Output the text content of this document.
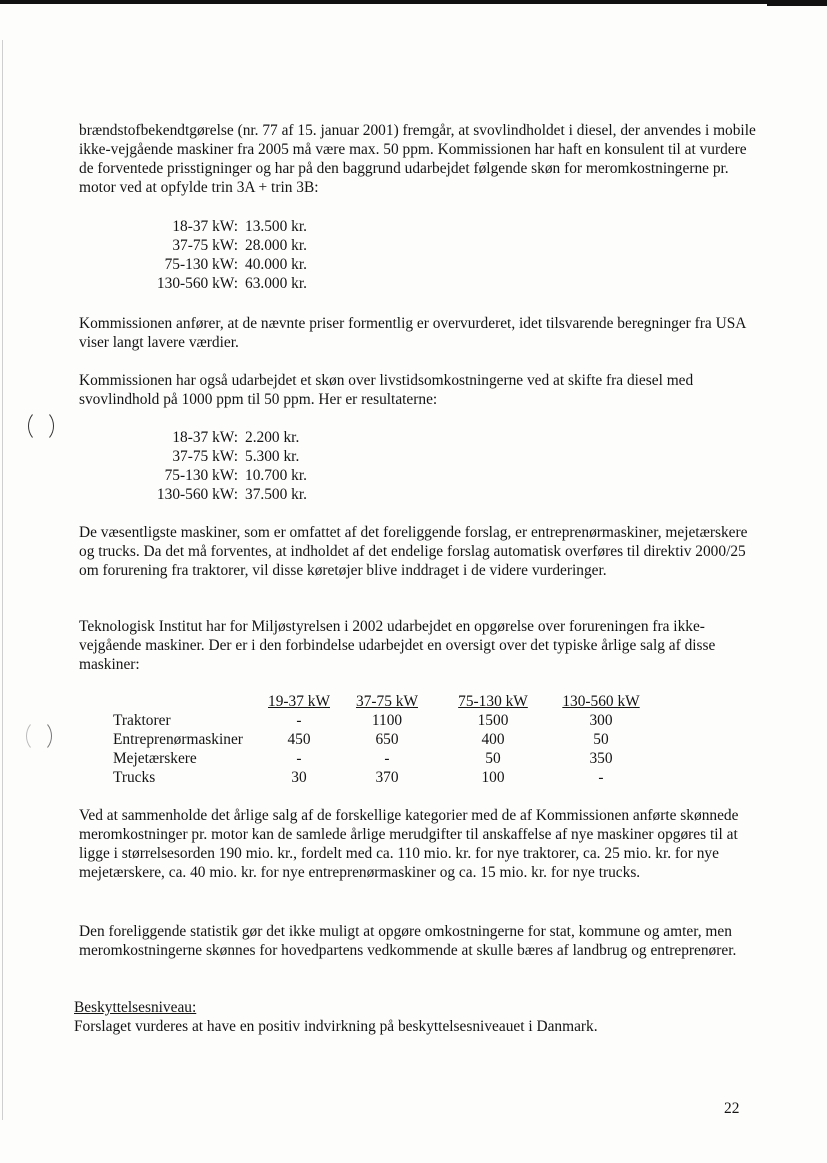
brændstofbekendtgørelse (nr. 77 af 15. januar 2001) fremgår, at svovlindholdet i diesel, der anvendes i mobile ikke-vejgående maskiner fra 2005 må være max. 50 ppm. Kommissionen har haft en konsulent til at vurdere de forventede prisstigninger og har på den baggrund udarbejdet følgende skøn for meromkostningerne pr. motor ved at opfylde trin 3A + trin 3B:

18-37 kW: 13.500 kr.
37-75 kW: 28.000 kr.
75-130 kW: 40.000 kr.
130-560 kW: 63.000 kr.

Kommissionen anfører, at de nævnte priser formentlig er overvurderet, idet tilsvarende beregninger fra USA viser langt lavere værdier.

Kommissionen har også udarbejdet et skøn over livstidsomkostningerne ved at skifte fra diesel med svovlindhold på 1000 ppm til 50 ppm. Her er resultaterne:

18-37 kW: 2.200 kr.
37-75 kW: 5.300 kr.
75-130 kW: 10.700 kr.
130-560 kW: 37.500 kr.

De væsentligste maskiner, som er omfattet af det foreliggende forslag, er entreprenørmaskiner, mejetærskere og trucks. Da det må forventes, at indholdet af det endelige forslag automatisk overføres til direktiv 2000/25 om forurening fra traktorer, vil disse køretøjer blive inddraget i de videre vurderinger.

Teknologisk Institut har for Miljøstyrelsen i 2002 udarbejdet en opgørelse over forureningen fra ikke-vejgående maskiner. Der er i den forbindelse udarbejdet en oversigt over det typiske årlige salg af disse maskiner:

	19-37 kW	37-75 kW	75-130 kW	130-560 kW
Traktorer	-	1100	1500	300
Entreprenørmaskiner	450	650	400	50
Mejetærskere	-	-	50	350
Trucks	30	370	100	-

Ved at sammenholde det årlige salg af de forskellige kategorier med de af Kommissionen anførte skønnede meromkostninger pr. motor kan de samlede årlige merudgifter til anskaffelse af nye maskiner opgøres til at ligge i størrelsesorden 190 mio. kr., fordelt med ca. 110 mio. kr. for nye traktorer, ca. 25 mio. kr. for nye mejetærskere, ca. 40 mio. kr. for nye entreprenørmaskiner og ca. 15 mio. kr. for nye trucks.

Den foreliggende statistik gør det ikke muligt at opgøre omkostningerne for stat, kommune og amter, men meromkostningerne skønnes for hovedpartens vedkommende at skulle bæres af landbrug og entreprenører.

Beskyttelsesniveau:

Forslaget vurderes at have en positiv indvirkning på beskyttelsesniveauet i Danmark.

22
